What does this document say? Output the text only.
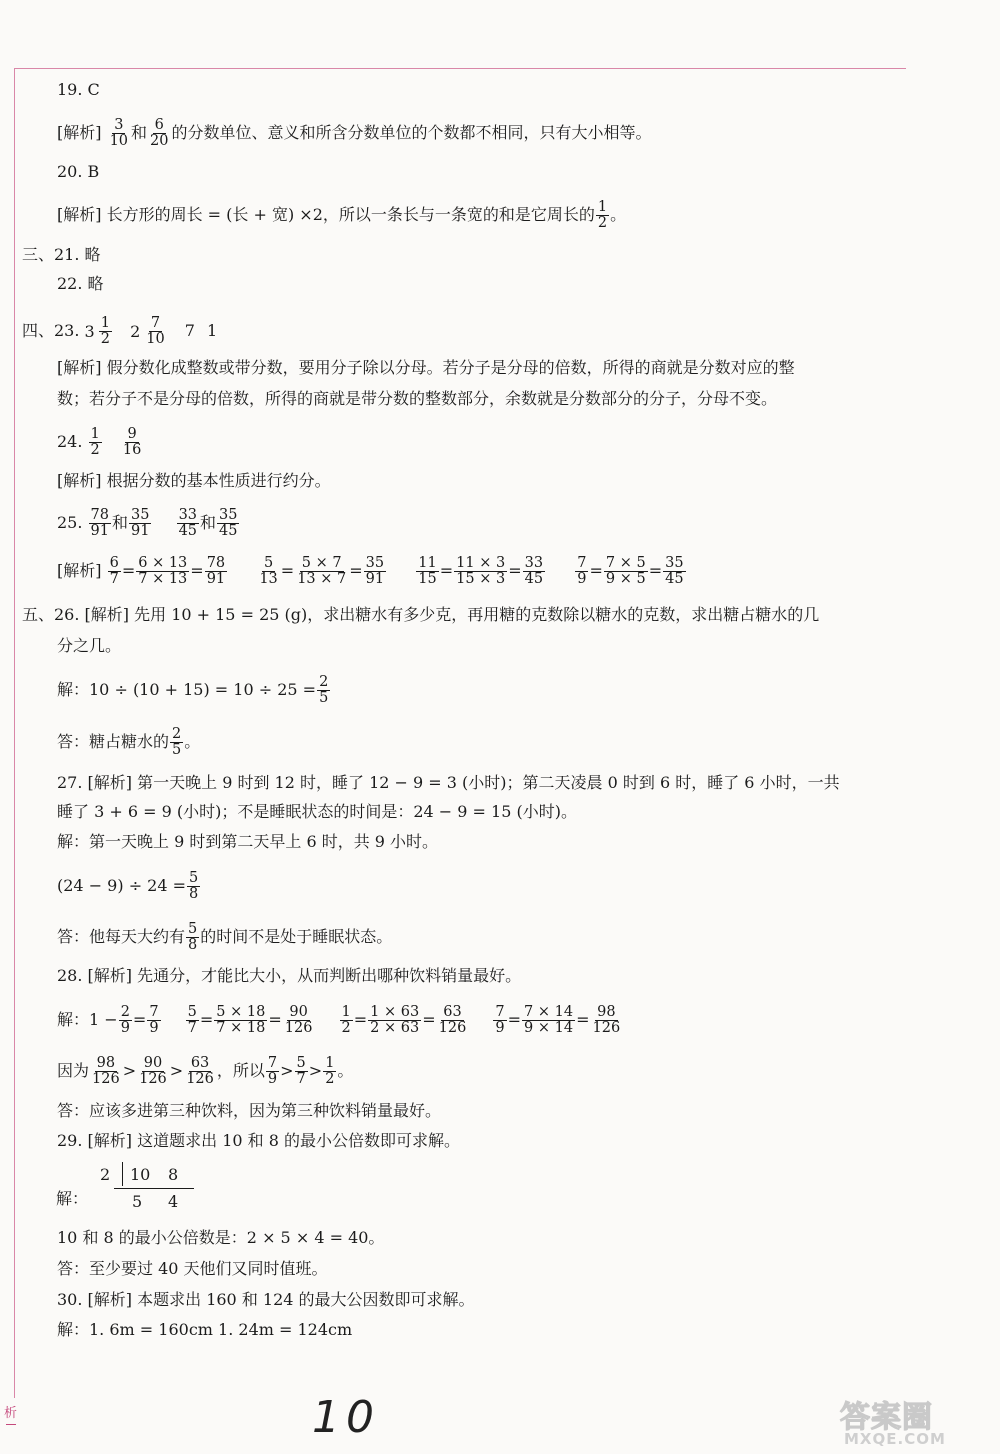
19. C
[解析] $\frac{3}{10}$ 和 $\frac{6}{20}$ 的分数单位、意义和所含分数单位的个数都不相同，只有大小相等。
20. B
[解析] 长方形的周长 = (长 + 宽) ×2，所以一条长与一条宽的和是它周长的 $\frac{1}{2}$ 。
三、21. 略
22. 略
四、23. $3 \frac{1}{2}$
$2 \frac{7}{10} 7$ 1
[解析] 假分数化成整数或带分数，要用分子除以分母。若分子是分母的倍数，所得的商就是分数对应的整
数；若分子不是分母的倍数，所得的商就是带分数的整数部分，余数就是分数部分的分子，分母不变。
24. $\frac{1}{2}$
$\frac{9}{16}$
[解析] 根据分数的基本性质进行约分。
25. $\frac{78}{91}$ 和 $\frac{35}{91}$
$\frac{33}{45}$ 和 $\frac{35}{45}$
[解析] $\frac{6}{7} = \frac{6 \times 13}{7 \times 13} = \frac{78}{91}$
$\frac{5}{13} = \frac{5 \times 7}{13 \times 7} = \frac{35}{91}$
$\frac{11}{15} = \frac{11 \times 3}{15 \times 3} = \frac{33}{45}$
$\frac{7}{9} = \frac{7 \times 5}{9 \times 5} = \frac{35}{45}$
五、26. [解析] 先用 10 + 15 = 25 (g)，求出糖水有多少克，再用糖的克数除以糖水的克数，求出糖占糖水的几
分之几。
解：$10 \div (10 + 15) = 10 \div 25 = \frac{2}{5}$
答：糖占糖水的 $\frac{2}{5}$ 。
27. [解析] 第一天晚上 9 时到 12 时，睡了 12 − 9 = 3 (小时)；第二天凌晨 0 时到 6 时，睡了 6 小时，一共
睡了 3 + 6 = 9 (小时)；不是睡眠状态的时间是：24 − 9 = 15 (小时)。
解：第一天晚上 9 时到第二天早上 6 时，共 9 小时。
$(24 - 9) \div 24 = \frac{5}{8}$
答：他每天大约有 $\frac{5}{8}$ 的时间不是处于睡眠状态。
28. [解析] 先通分，才能比大小，从而判断出哪种饮料销量最好。
解：$1 - \frac{2}{9} = \frac{7}{9}$
$\frac{5}{7} = \frac{5 \times 18}{7 \times 18} = \frac{90}{126}$
$\frac{1}{2} = \frac{1 \times 63}{2 \times 63} = \frac{63}{126}$
$\frac{7}{9} = \frac{7 \times 14}{9 \times 14} = \frac{98}{126}$
因为 $\frac{98}{126} > \frac{90}{126} > \frac{63}{126}$ ，所以 $\frac{7}{9} > \frac{5}{7} > \frac{1}{2}$ 。
答：应该多进第三种饮料，因为第三种饮料销量最好。
29. [解析] 这道题求出 10 和 8 的最小公倍数即可求解。
解：
2 10 8
5 4
10 和 8 的最小公倍数是：2 × 5 × 4 = 40。
答：至少要过 40 天他们又同时值班。
30. [解析] 本题求出 160 和 124 的最大公因数即可求解。
解：1. 6m = 160cm 1. 24m = 124cm
析	10	答案圈
MXQE.COM
